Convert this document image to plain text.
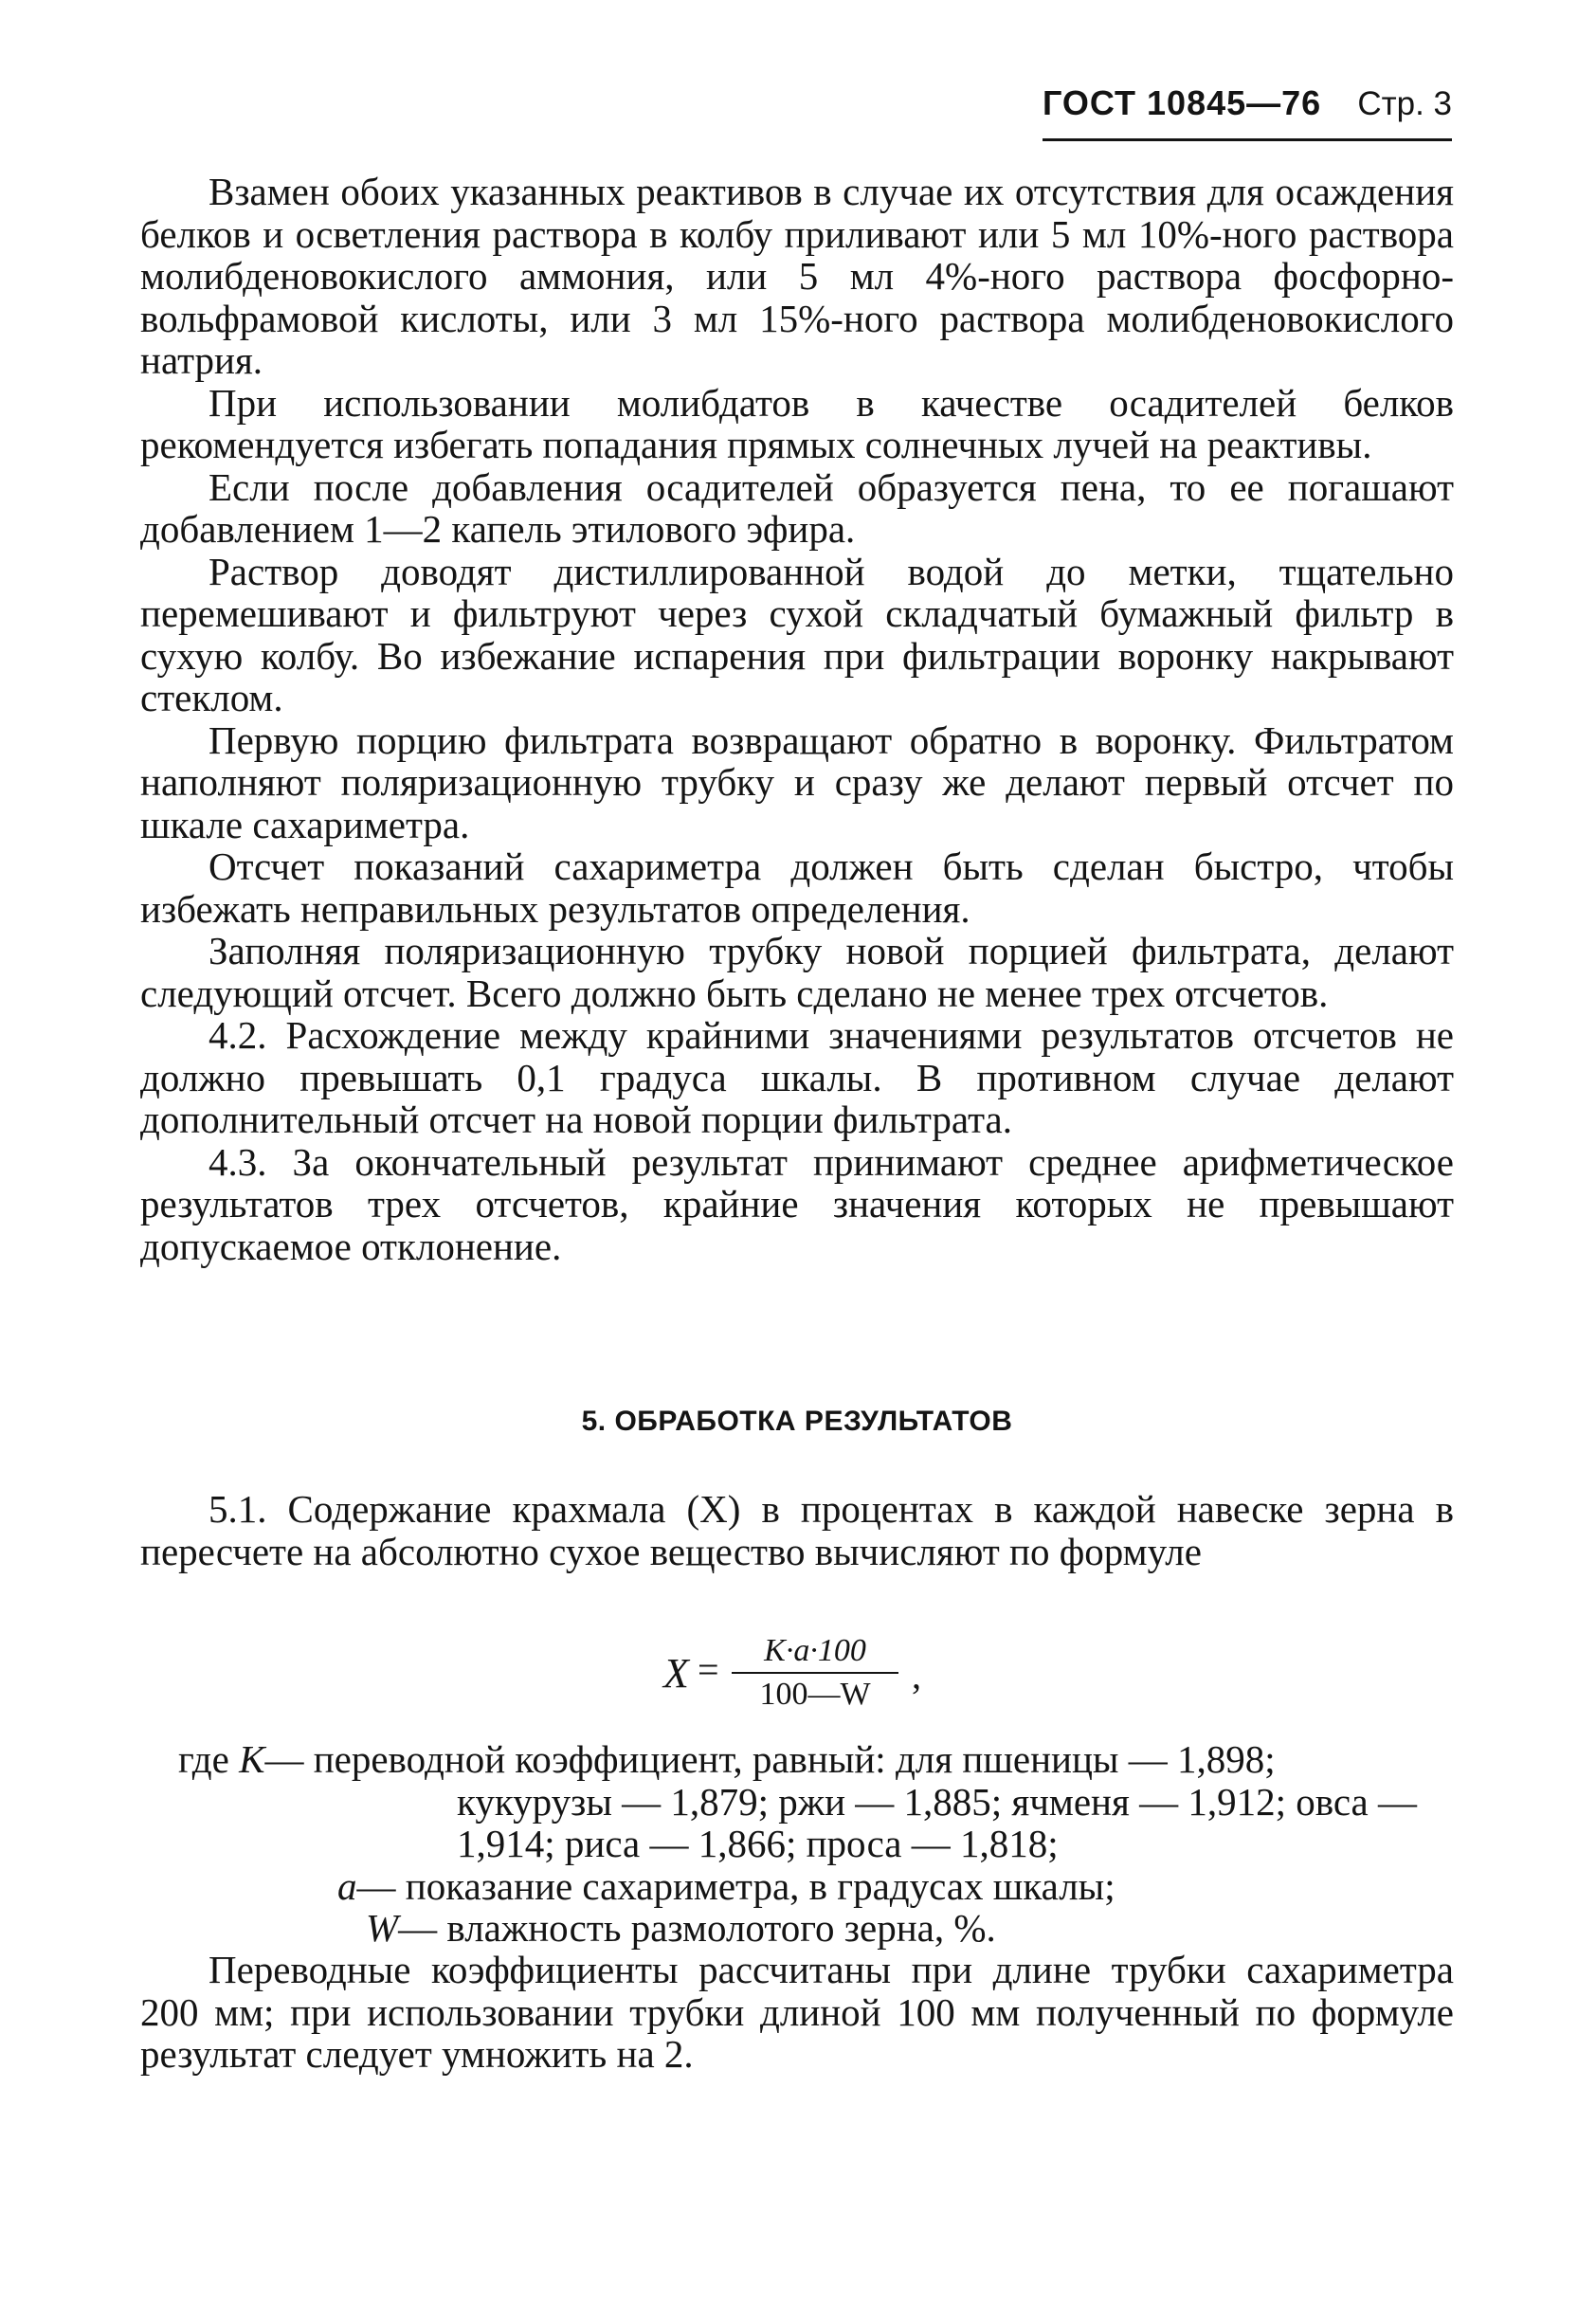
ГОСТ 10845—76 Стр. 3

Взамен обоих указанных реактивов в случае их отсутствия для осаждения белков и осветления раствора в колбу приливают или 5 мл 10%-ного раствора молибденовокислого аммония, или 5 мл 4%-ного раствора фосфорно-вольфрамовой кислоты, или 3 мл 15%-ного раствора молибденовокислого натрия.

При использовании молибдатов в качестве осадителей белков рекомендуется избегать попадания прямых солнечных лучей на реактивы.

Если после добавления осадителей образуется пена, то ее погашают добавлением 1—2 капель этилового эфира.

Раствор доводят дистиллированной водой до метки, тщательно перемешивают и фильтруют через сухой складчатый бумажный фильтр в сухую колбу. Во избежание испарения при фильтрации воронку накрывают стеклом.

Первую порцию фильтрата возвращают обратно в воронку. Фильтратом наполняют поляризационную трубку и сразу же делают первый отсчет по шкале сахариметра.

Отсчет показаний сахариметра должен быть сделан быстро, чтобы избежать неправильных результатов определения.

Заполняя поляризационную трубку новой порцией фильтрата, делают следующий отсчет. Всего должно быть сделано не менее трех отсчетов.

4.2. Расхождение между крайними значениями результатов отсчетов не должно превышать 0,1 градуса шкалы. В противном случае делают дополнительный отсчет на новой порции фильтрата.

4.3. За окончательный результат принимают среднее арифметическое результатов трех отсчетов, крайние значения которых не превышают допускаемое отклонение.

5. ОБРАБОТКА РЕЗУЛЬТАТОВ

5.1. Содержание крахмала (X) в процентах в каждой навеске зерна в пересчете на абсолютно сухое вещество вычисляют по формуле

X =	K·a·100
100—W	,
где K— переводной коэффициент, равный: для пшеницы — 1,898;
кукурузы — 1,879; ржи — 1,885; ячменя — 1,912; овса —
1,914; риса — 1,866; проса — 1,818;
a— показание сахариметра, в градусах шкалы;
W— влажность размолотого зерна, %.

Переводные коэффициенты рассчитаны при длине трубки сахариметра 200 мм; при использовании трубки длиной 100 мм полученный по формуле результат следует умножить на 2.
